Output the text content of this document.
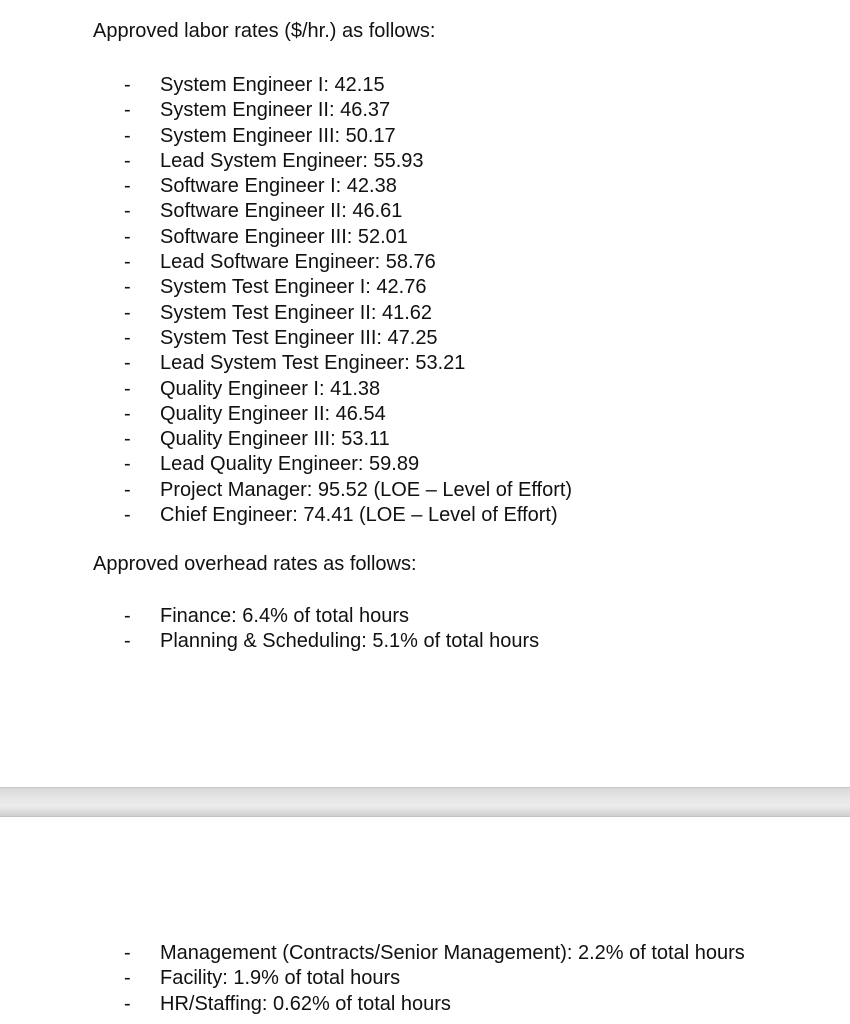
Approved labor rates ($/hr.) as follows:

- System Engineer I: 42.15
- System Engineer II: 46.37
- System Engineer III: 50.17
- Lead System Engineer: 55.93
- Software Engineer I: 42.38
- Software Engineer II: 46.61
- Software Engineer III: 52.01
- Lead Software Engineer: 58.76
- System Test Engineer I: 42.76
- System Test Engineer II: 41.62
- System Test Engineer III: 47.25
- Lead System Test Engineer: 53.21
- Quality Engineer I: 41.38
- Quality Engineer II: 46.54
- Quality Engineer III: 53.11
- Lead Quality Engineer: 59.89
- Project Manager: 95.52 (LOE – Level of Effort)
- Chief Engineer: 74.41 (LOE – Level of Effort)

Approved overhead rates as follows:

- Finance: 6.4% of total hours
- Planning & Scheduling: 5.1% of total hours
- Management (Contracts/Senior Management): 2.2% of total hours
- Facility: 1.9% of total hours
- HR/Staffing: 0.62% of total hours
